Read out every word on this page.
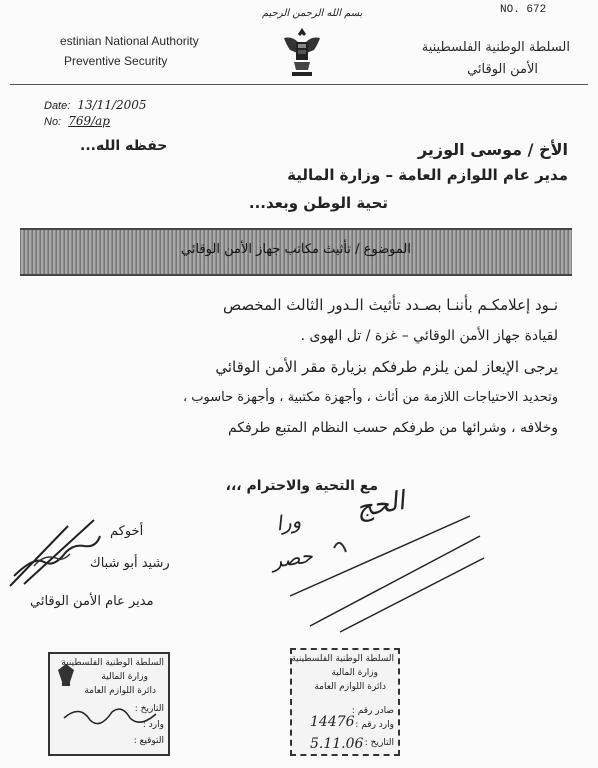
بسم الله الرحمن الرحيم	NO. 672
estinian National Authority
Preventive Security
السلطة الوطنية الفلسطينية
الأمن الوقائي
Date: 13/11/2005
No: 769/ap
حفظه الله...	الأخ / موسى الوزير
مدير عام اللوازم العامة – وزارة المالية
تحية الوطن وبعد...
الموضوع / تأثيث مكاتب جهاز الأمن الوقائي
نـود إعلامكـم بأننـا بصـدد تأثيث الـدور الثالث المخصص
لقيادة جهاز الأمن الوقائي – غزة / تل الهوى .
يرجى الإيعاز لمن يلزم طرفكم بزيارة مقر الأمن الوقائي
وتحديد الاحتياجات اللازمة من أثاث ، وأجهزة مكتبية ، وأجهزة حاسوب ،
وخلافه ، وشرائها من طرفكم حسب النظام المتبع طرفكم
مع التحية والاحترام ،،،
أخوكم
رشيد أبو شباك
مدير عام الأمن الوقائي
الحج
ورا
حصر
السلطة الوطنية الفلسطينية
وزارة المالية
دائرة اللوازم العامة
التاريخ :
وارد :
التوقيع :
السلطة الوطنية الفلسطينية
وزارة المالية
دائرة اللوازم العامة
صادر رقم :
وارد رقم :
14476
التاريخ :
5.11.06
